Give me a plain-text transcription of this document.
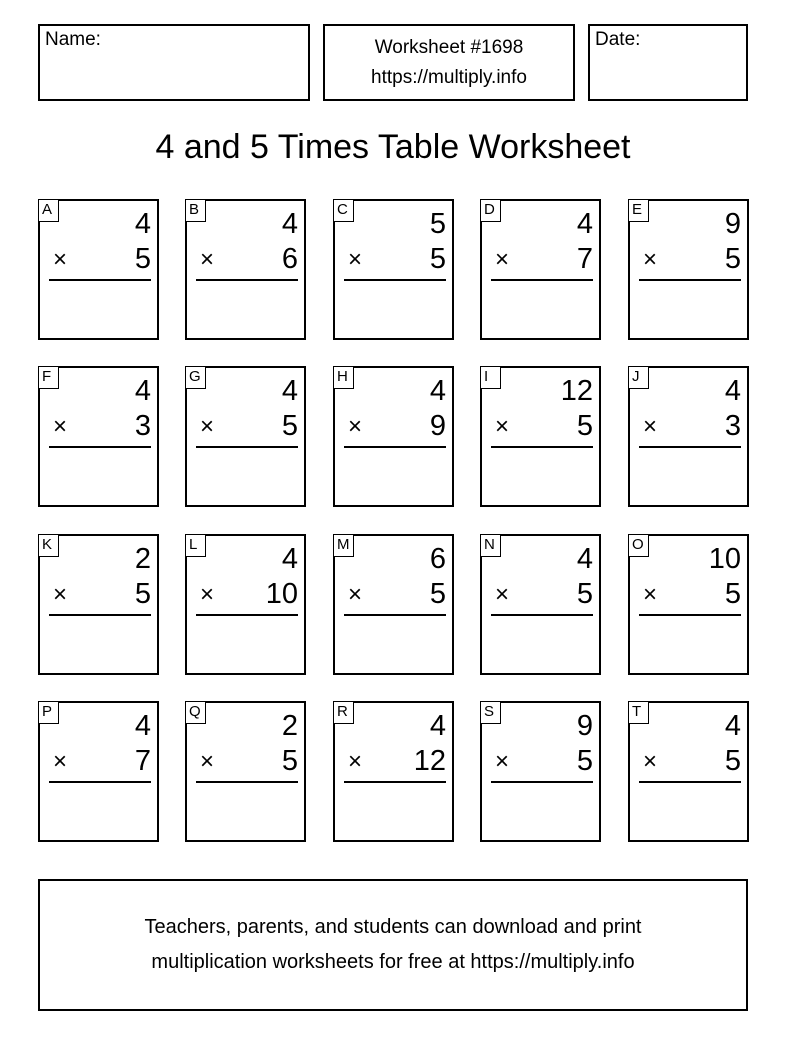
Name:	Worksheet #1698
https://multiply.info
Date:
4 and 5 Times Table Worksheet
A	4
× 5
B	4
× 6
C	5
× 5
D	4
× 7
E	9
× 5
F	4
× 3
G	4
× 5
H	4
× 9
I	12
× 5
J	4
× 3
K	2
× 5
L	4
× 10
M	6
× 5
N	4
× 5
O 10
× 5
P	4
× 7
Q	2
× 5
R	4
× 12
S	9
× 5
T	4
× 5
Teachers, parents, and students can download and print
multiplication worksheets for free at https://multiply.info
